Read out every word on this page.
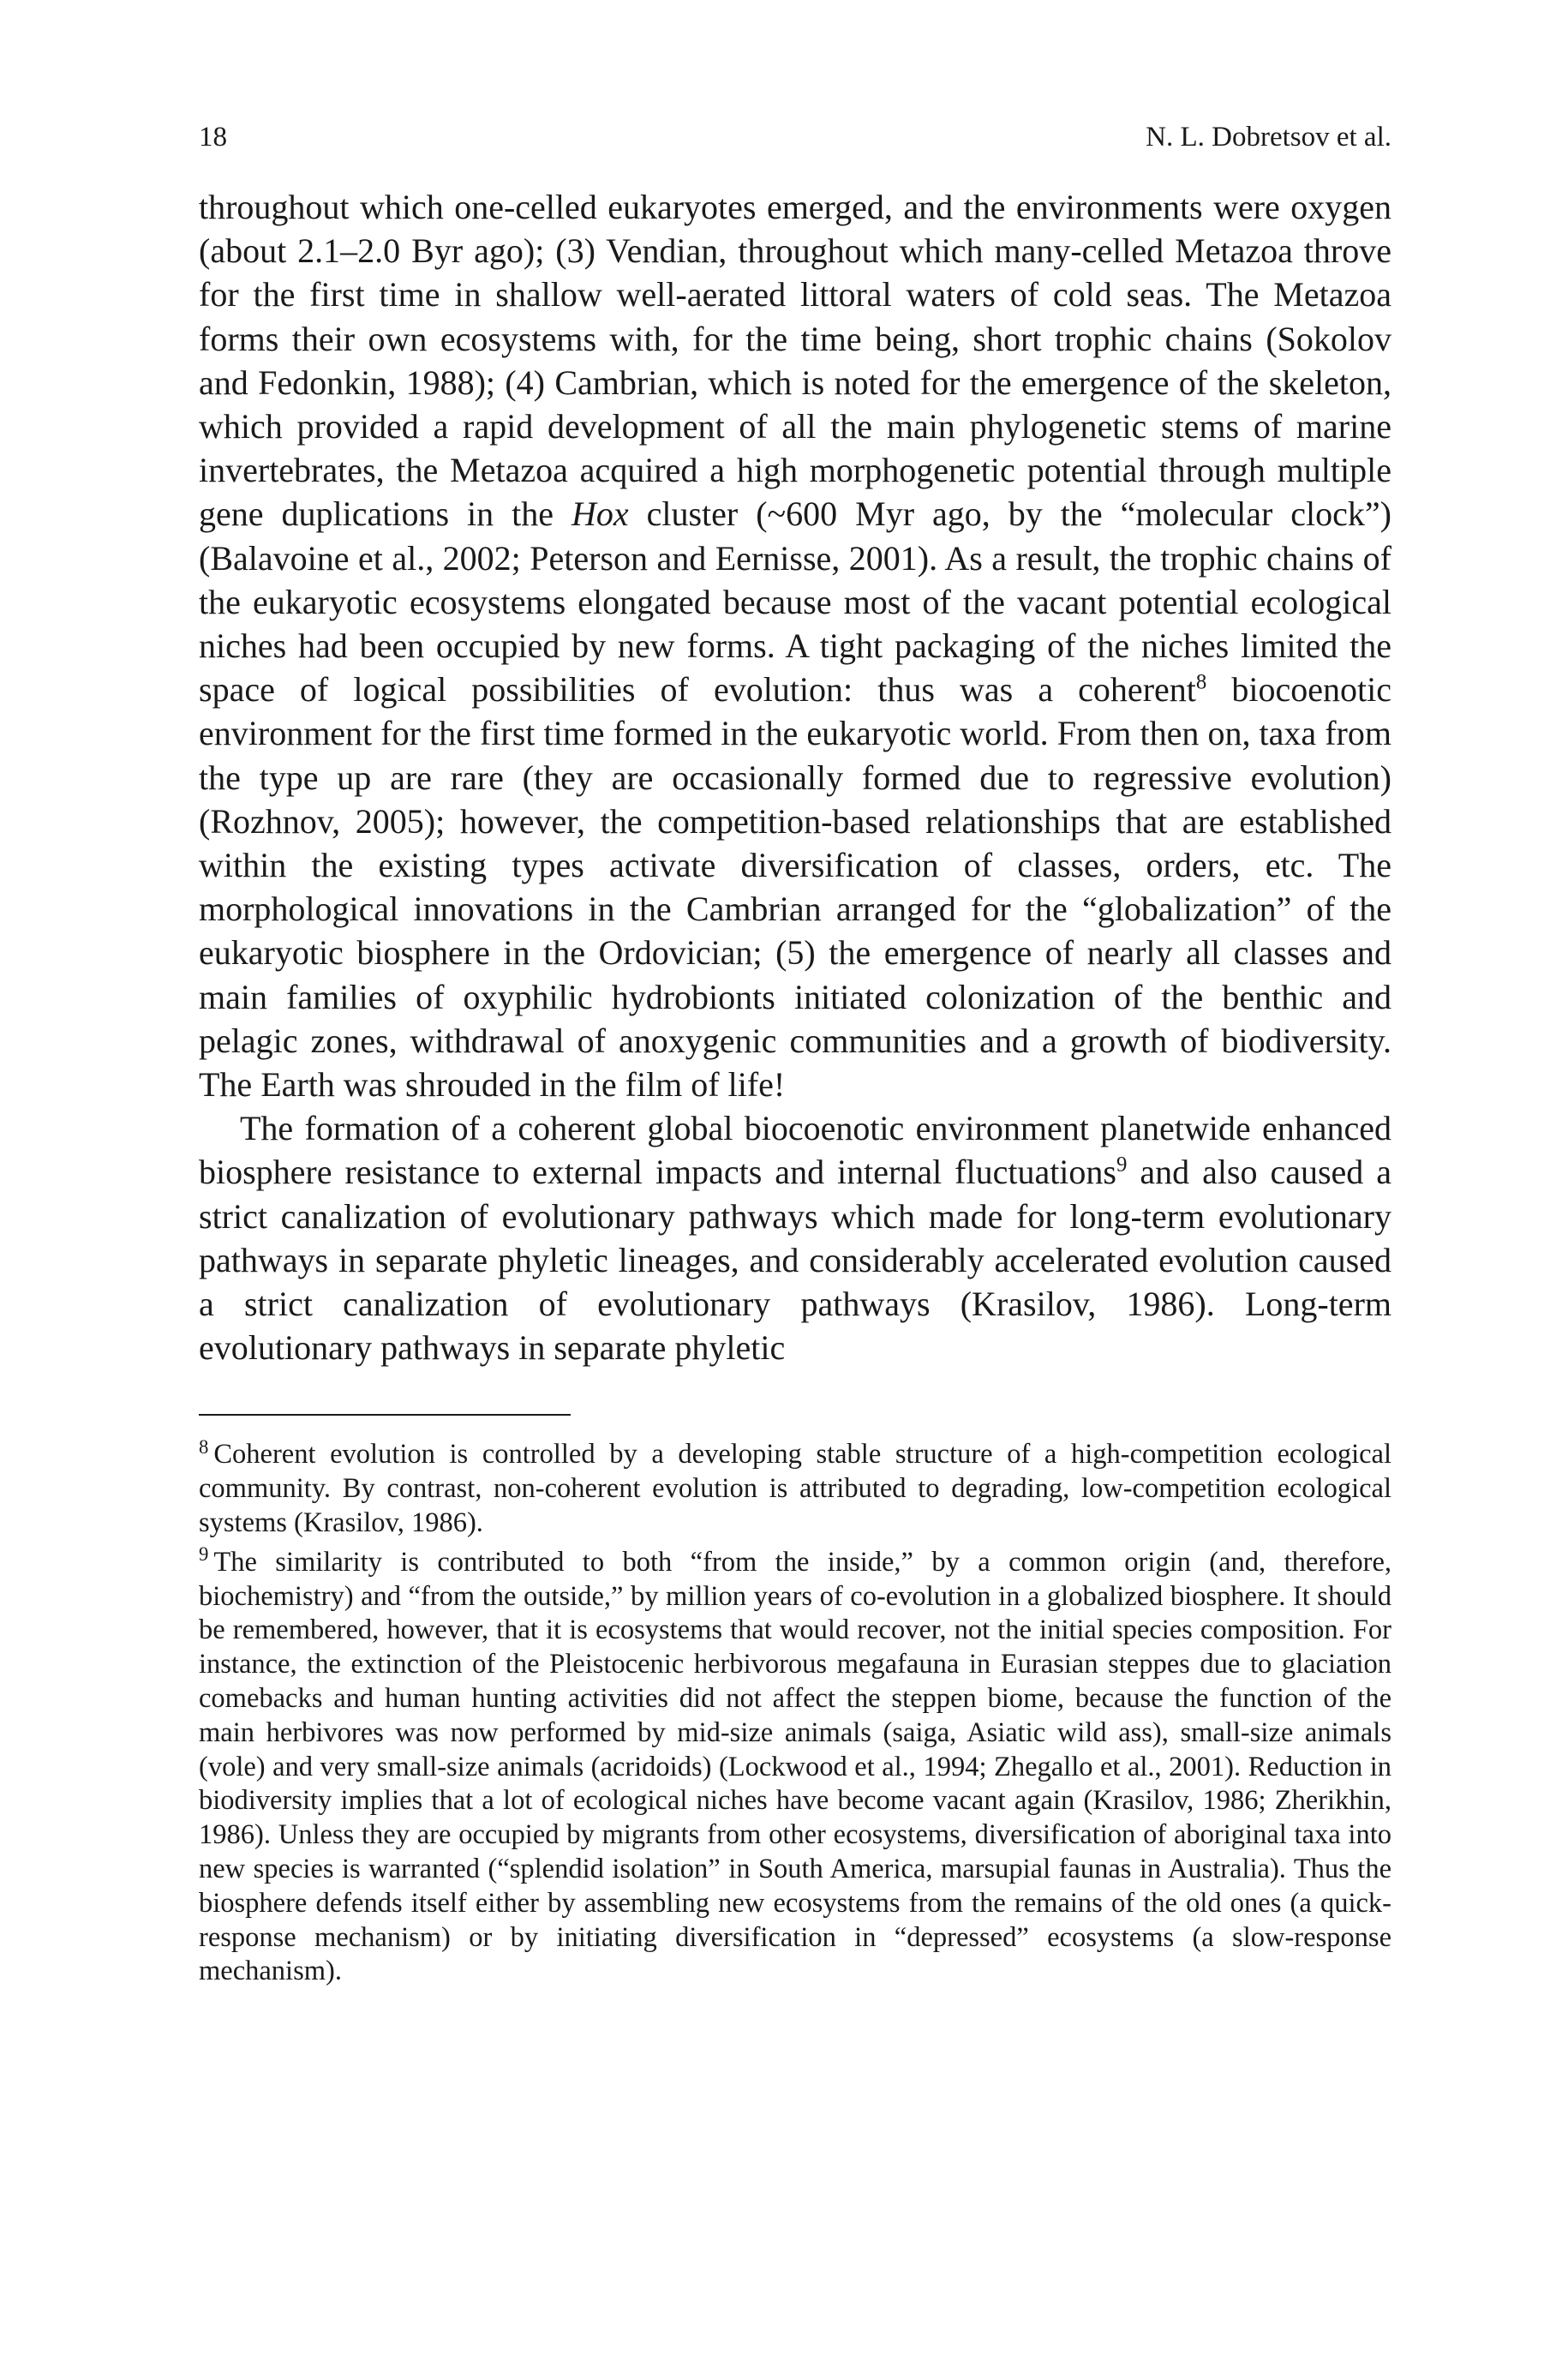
18	N. L. Dobretsov et al.

throughout which one-celled eukaryotes emerged, and the environments were oxygen (about 2.1–2.0 Byr ago); (3) Vendian, throughout which many-celled Metazoa throve for the first time in shallow well-aerated littoral waters of cold seas. The Metazoa forms their own ecosystems with, for the time being, short trophic chains (Sokolov and Fedonkin, 1988); (4) Cambrian, which is noted for the emergence of the skeleton, which provided a rapid development of all the main phylogenetic stems of marine invertebrates, the Metazoa acquired a high morphogenetic potential through multiple gene duplications in the Hox cluster (~600 Myr ago, by the “molecular clock”) (Balavoine et al., 2002; Peterson and Eernisse, 2001). As a result, the trophic chains of the eukaryotic ecosystems elongated because most of the vacant potential ecological niches had been occupied by new forms. A tight packaging of the niches limited the space of logical possibilities of evolution: thus was a coherent$^8$ biocoenotic environment for the first time formed in the eukaryotic world. From then on, taxa from the type up are rare (they are occasionally formed due to regressive evolution) (Rozhnov, 2005); however, the competition-based relationships that are established within the existing types activate diversification of classes, orders, etc. The morphological innovations in the Cambrian arranged for the “globalization” of the eukaryotic biosphere in the Ordovician; (5) the emergence of nearly all classes and main families of oxyphilic hydrobionts initiated colonization of the benthic and pelagic zones, withdrawal of anoxygenic communities and a growth of biodiversity. The Earth was shrouded in the film of life!

The formation of a coherent global biocoenotic environment planetwide enhanced biosphere resistance to external impacts and internal fluctuations$^9$ and also caused a strict canalization of evolutionary pathways which made for long-term evolutionary pathways in separate phyletic lineages, and considerably accelerated evolution caused a strict canalization of evolutionary pathways (Krasilov, 1986). Long-term evolutionary pathways in separate phyletic

$^8$ Coherent evolution is controlled by a developing stable structure of a high-competition ecological community. By contrast, non-coherent evolution is attributed to degrading, low-competition ecological systems (Krasilov, 1986).

$^9$ The similarity is contributed to both “from the inside,” by a common origin (and, therefore, biochemistry) and “from the outside,” by million years of co-evolution in a globalized biosphere. It should be remembered, however, that it is ecosystems that would recover, not the initial species composition. For instance, the extinction of the Pleistocenic herbivorous megafauna in Eurasian steppes due to glaciation comebacks and human hunting activities did not affect the steppen biome, because the function of the main herbivores was now performed by mid-size animals (saiga, Asiatic wild ass), small-size animals (vole) and very small-size animals (acridoids) (Lockwood et al., 1994; Zhegallo et al., 2001). Reduction in biodiversity implies that a lot of ecological niches have become vacant again (Krasilov, 1986; Zherikhin, 1986). Unless they are occupied by migrants from other ecosystems, diversification of aboriginal taxa into new species is warranted (“splendid isolation” in South America, marsupial faunas in Australia). Thus the biosphere defends itself either by assembling new ecosystems from the remains of the old ones (a quick-response mechanism) or by initiating diversification in “depressed” ecosystems (a slow-response mechanism).
